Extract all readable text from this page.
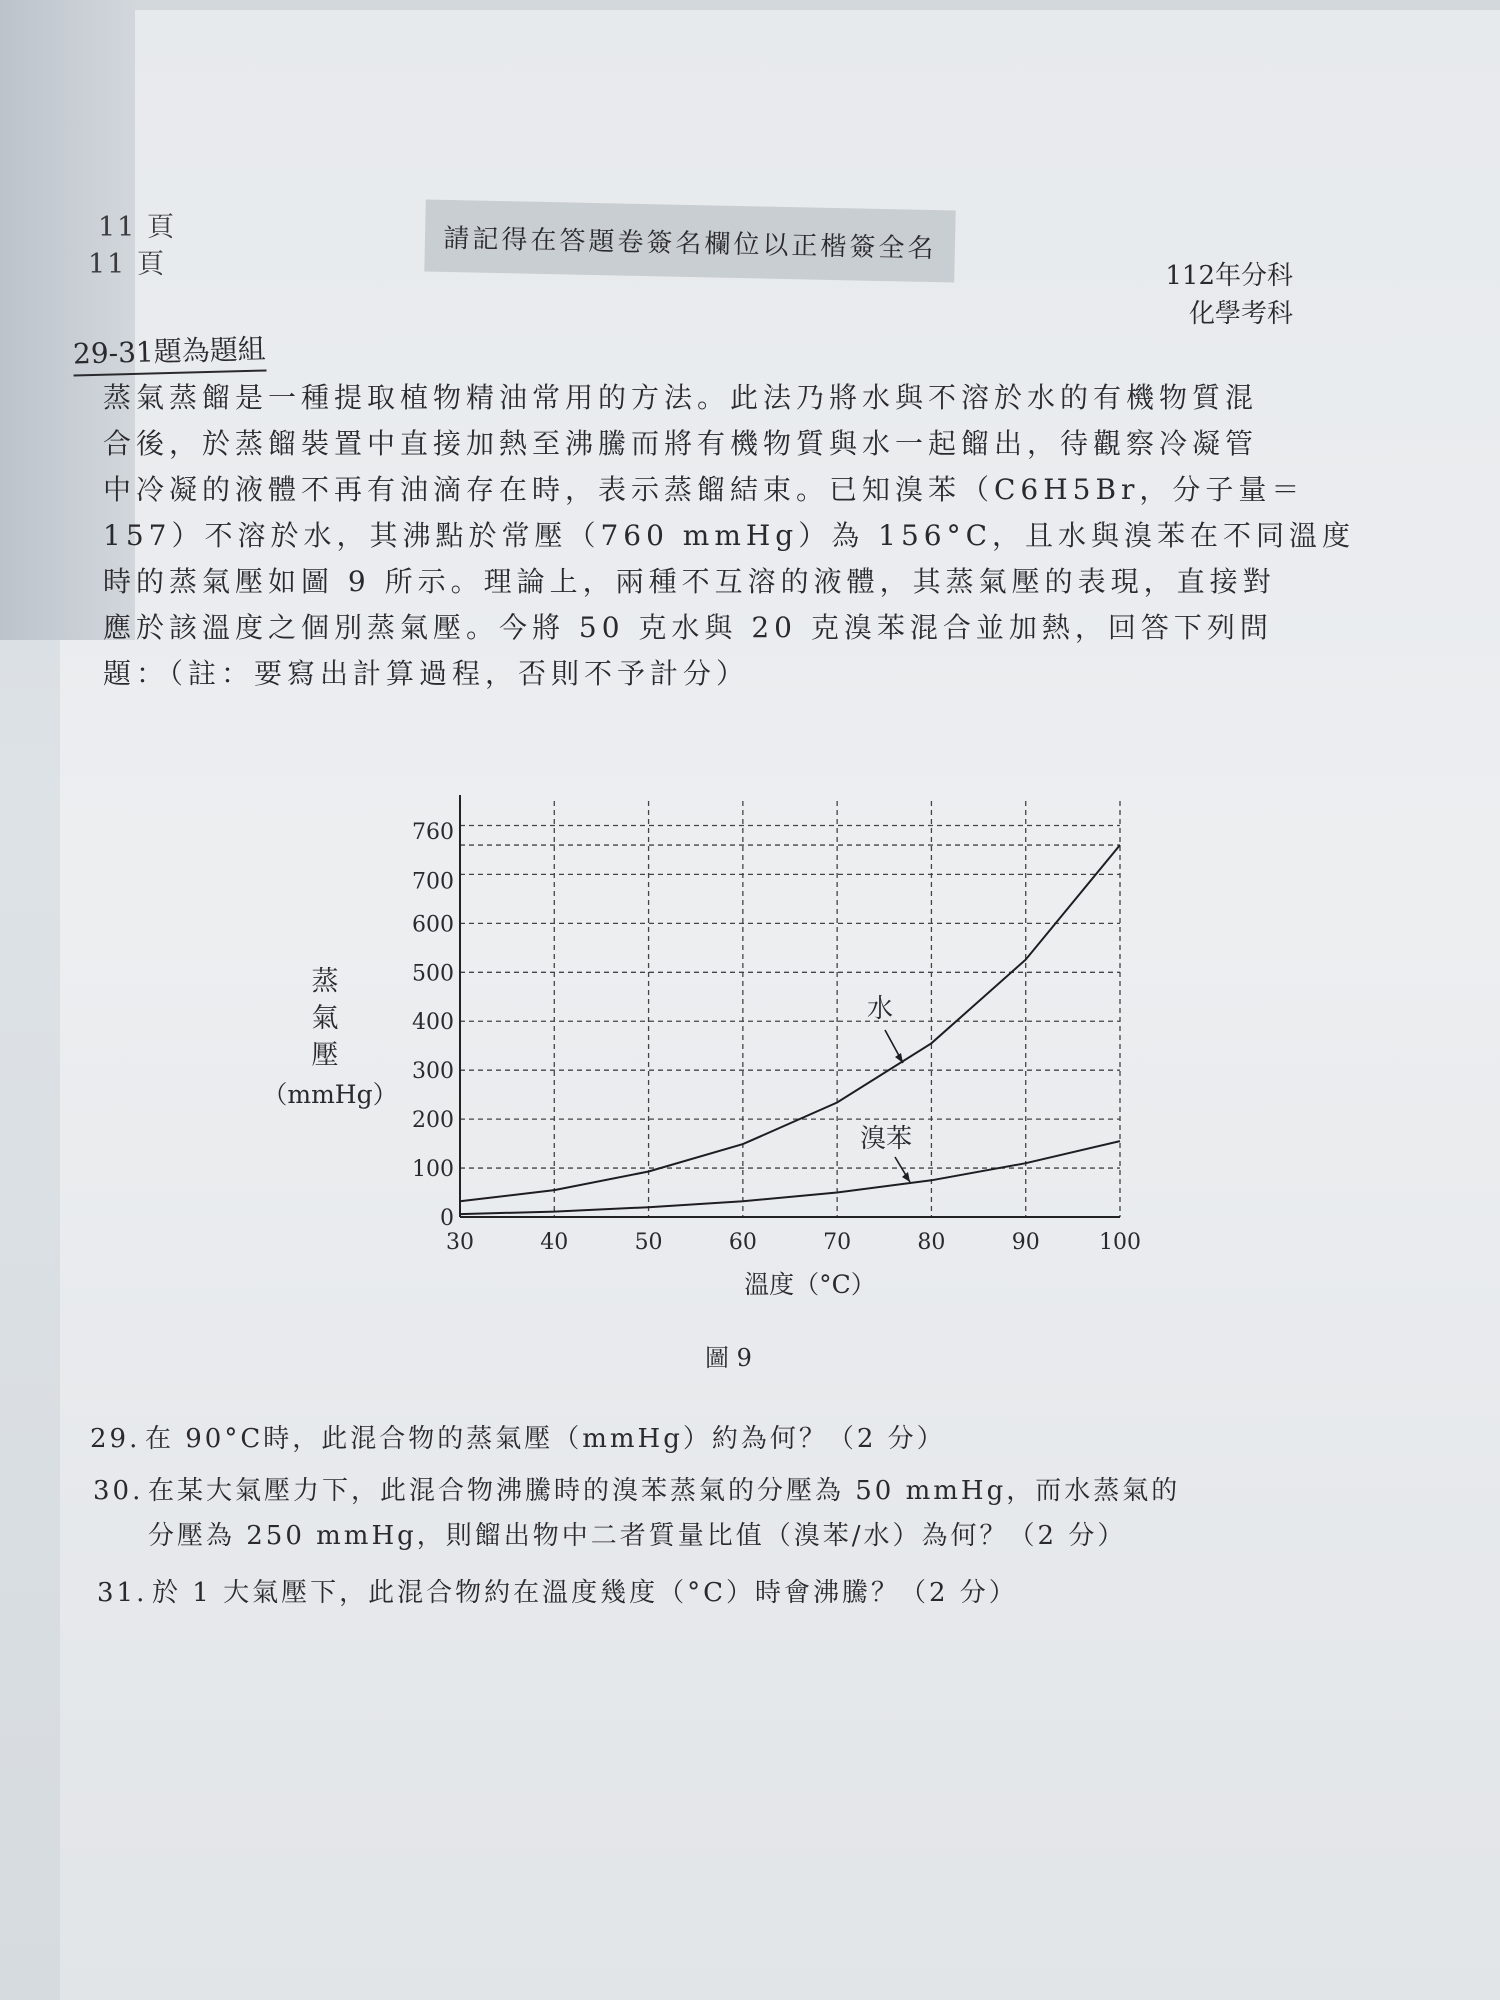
11 頁
11 頁
請記得在答題卷簽名欄位以正楷簽全名
112年分科
化學考科
29-31題為題組
蒸氣蒸餾是一種提取植物精油常用的方法。此法乃將水與不溶於水的有機物質混
合後，於蒸餾裝置中直接加熱至沸騰而將有機物質與水一起餾出，待觀察冷凝管
中冷凝的液體不再有油滴存在時，表示蒸餾結束。已知溴苯（C6H5Br，分子量＝
157）不溶於水，其沸點於常壓（760 mmHg）為 156°C，且水與溴苯在不同溫度
時的蒸氣壓如圖 9 所示。理論上，兩種不互溶的液體，其蒸氣壓的表現，直接對
應於該溫度之個別蒸氣壓。今將 50 克水與 20 克溴苯混合並加熱，回答下列問
題：（註：要寫出計算過程，否則不予計分）
0
100
200
300
400
500
600
700
760
30	40	50	60	70	80	90	100
溫度（°C）
蒸
氣
壓
（mmHg）
水
溴苯
圖 9
29. 在 90°C時，此混合物的蒸氣壓（mmHg）約為何？（2 分）
30. 在某大氣壓力下，此混合物沸騰時的溴苯蒸氣的分壓為 50 mmHg，而水蒸氣的
分壓為 250 mmHg，則餾出物中二者質量比值（溴苯/水）為何？（2 分）
31. 於 1 大氣壓下，此混合物約在溫度幾度（°C）時會沸騰？（2 分）
